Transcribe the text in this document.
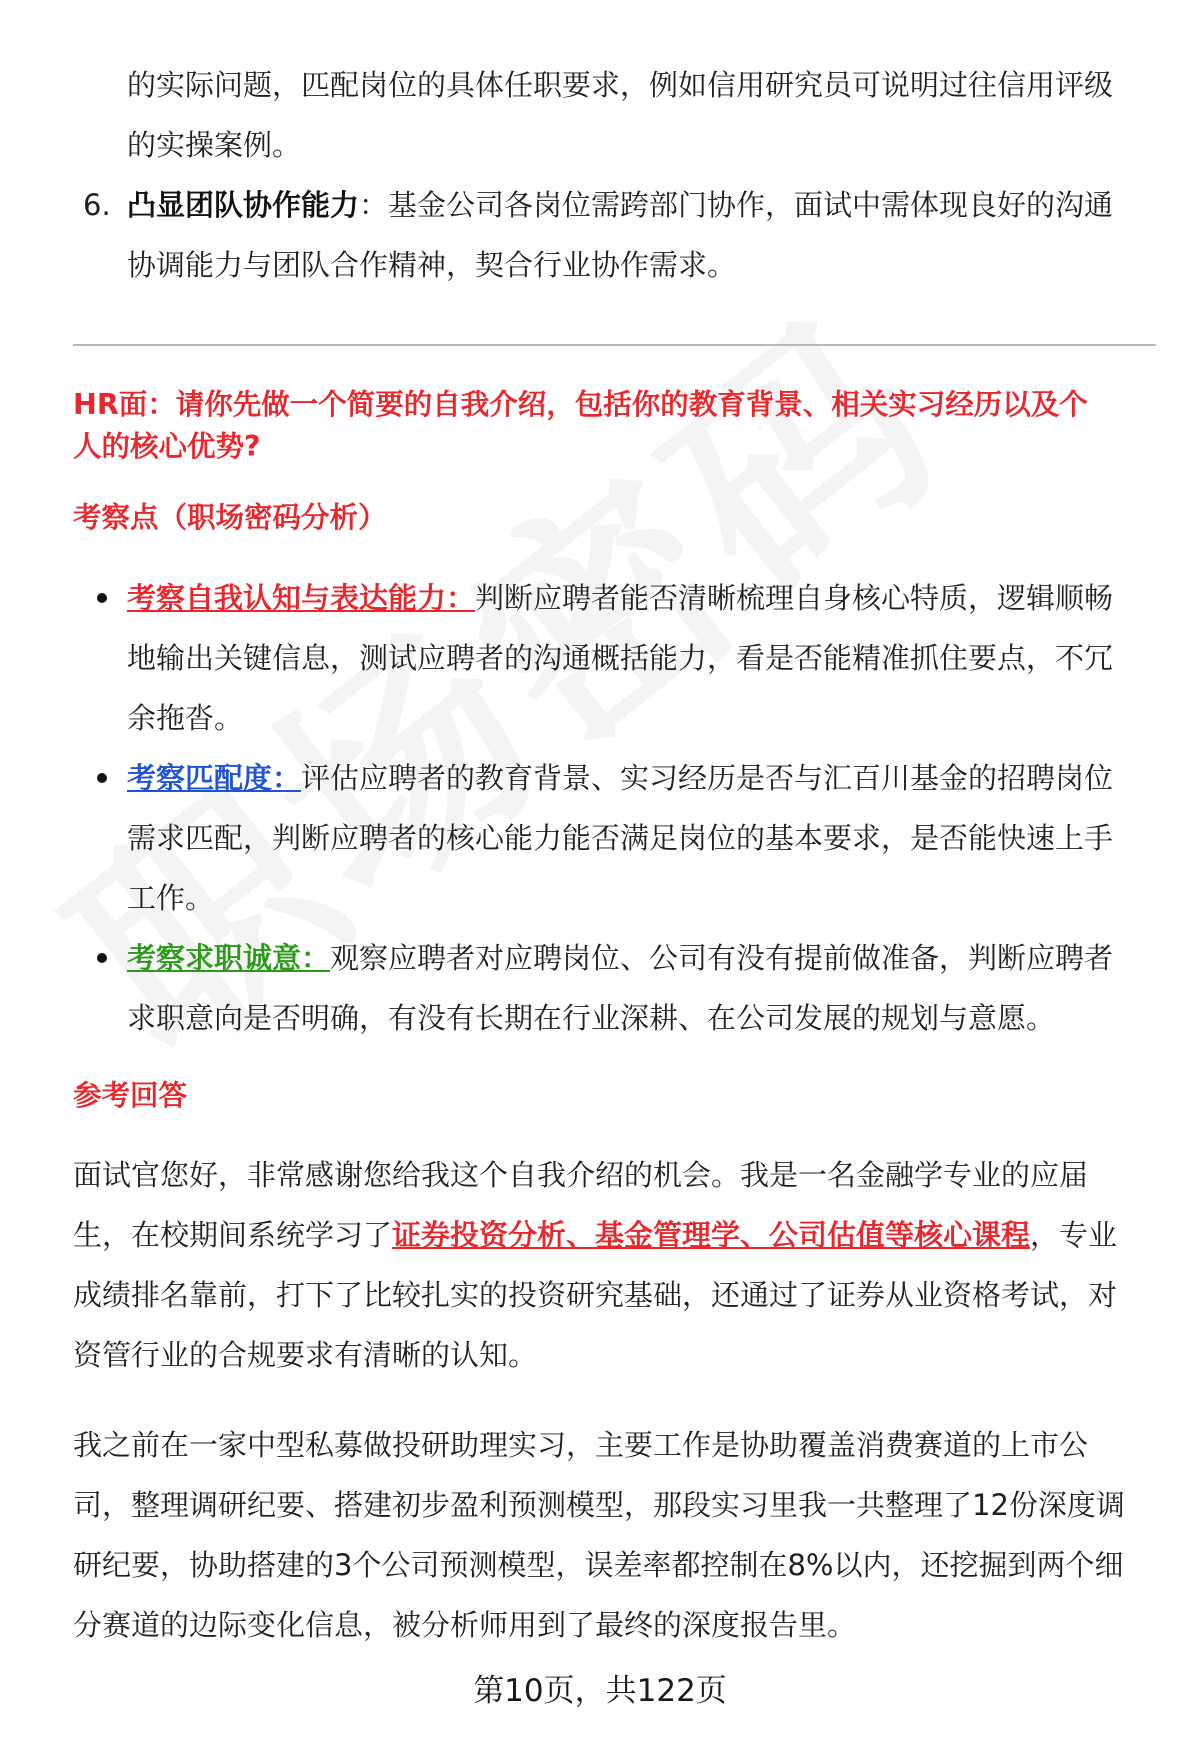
的实际问题，匹配岗位的具体任职要求，例如信用研究员可说明过往信用评级
的实操案例。
6. 凸显团队协作能力：基金公司各岗位需跨部门协作，面试中需体现良好的沟通
协调能力与团队合作精神，契合行业协作需求。
HR面：请你先做一个简要的自我介绍，包括你的教育背景、相关实习经历以及个
人的核心优势?
考察点（职场密码分析）
考察自我认知与表达能力：判断应聘者能否清晰梳理自身核心特质，逻辑顺畅
地输出关键信息，测试应聘者的沟通概括能力，看是否能精准抓住要点，不冗
余拖沓。
考察匹配度：评估应聘者的教育背景、实习经历是否与汇百川基金的招聘岗位
需求匹配，判断应聘者的核心能力能否满足岗位的基本要求，是否能快速上手
工作。
考察求职诚意：观察应聘者对应聘岗位、公司有没有提前做准备，判断应聘者
求职意向是否明确，有没有长期在行业深耕、在公司发展的规划与意愿。
参考回答
面试官您好，非常感谢您给我这个自我介绍的机会。我是一名金融学专业的应届
生，在校期间系统学习了证券投资分析、基金管理学、公司估值等核心课程，专业
成绩排名靠前，打下了比较扎实的投资研究基础，还通过了证券从业资格考试，对
资管行业的合规要求有清晰的认知。
我之前在一家中型私募做投研助理实习，主要工作是协助覆盖消费赛道的上市公
司，整理调研纪要、搭建初步盈利预测模型，那段实习里我一共整理了12份深度调
研纪要，协助搭建的3个公司预测模型，误差率都控制在8%以内，还挖掘到两个细
分赛道的边际变化信息，被分析师用到了最终的深度报告里。
第10页，共122页
